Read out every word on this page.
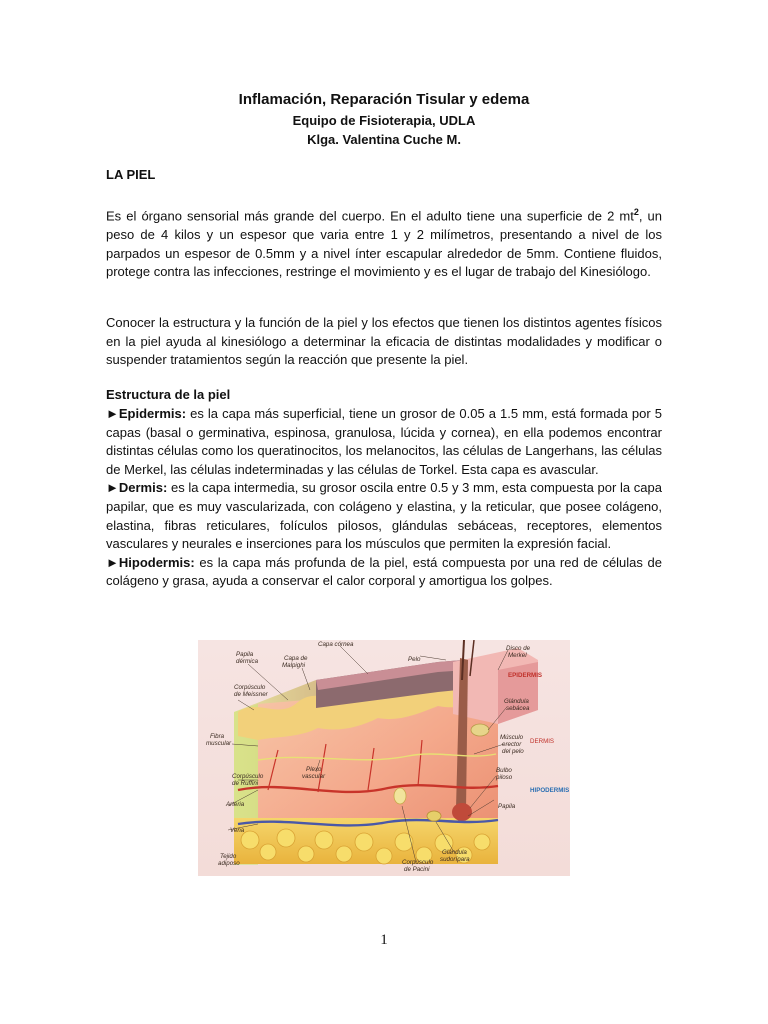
Inflamación, Reparación Tisular y edema
Equipo de Fisioterapia, UDLA
Klga. Valentina Cuche M.
LA PIEL

Es el órgano sensorial más grande del cuerpo. En el adulto tiene una superficie de 2 $mt^2$, un peso de 4 kilos y un espesor que varia entre 1 y 2 milímetros, presentando a nivel de los parpados un espesor de 0.5mm y a nivel ínter escapular alrededor de 5mm. Contiene fluidos, protege contra las infecciones, restringe el movimiento y es el lugar de trabajo del Kinesiólogo.

Conocer la estructura y la función de la piel y los efectos que tienen los distintos agentes físicos en la piel ayuda al kinesiólogo a determinar la eficacia de distintas modalidades y modificar o suspender tratamientos según la reacción que presente la piel.

Estructura de la piel

►Epidermis: es la capa más superficial, tiene un grosor de 0.05 a 1.5 mm, está formada por 5 capas (basal o germinativa, espinosa, granulosa, lúcida y cornea), en ella podemos encontrar distintas células como los queratinocitos, los melanocitos, las células de Langerhans, las células de Merkel, las células indeterminadas y las células de Torkel. Esta capa es avascular.
►Dermis: es la capa intermedia, su grosor oscila entre 0.5 y 3 mm, esta compuesta por la capa papilar, que es muy vascularizada, con colágeno y elastina, y la reticular, que posee colágeno, elastina, fibras reticulares, folículos pilosos, glándulas sebáceas, receptores, elementos vasculares y neurales e inserciones para los músculos que permiten la expresión facial.
►Hipodermis: es la capa más profunda de la piel, está compuesta por una red de células de colágeno y grasa, ayuda a conservar el calor corporal y amortigua los golpes.

Capa córnea
Pelo
Disco de
Merkel
Papila
dérmica	Capa de
Malpighi
EPIDERMIS
Corpúsculo
de Meissner
Glándula
sebácea
DERMIS
Fibra
muscular
Plexo
vascular
Músculo
erector
del pelo
Corpúsculo
de Ruffini
Arteria
Bulbo
piloso
HIPODERMIS
Vena
Papila
Tejido
adiposo
Glándula
sudorípara
Corpúsculo
de Pacini
1
